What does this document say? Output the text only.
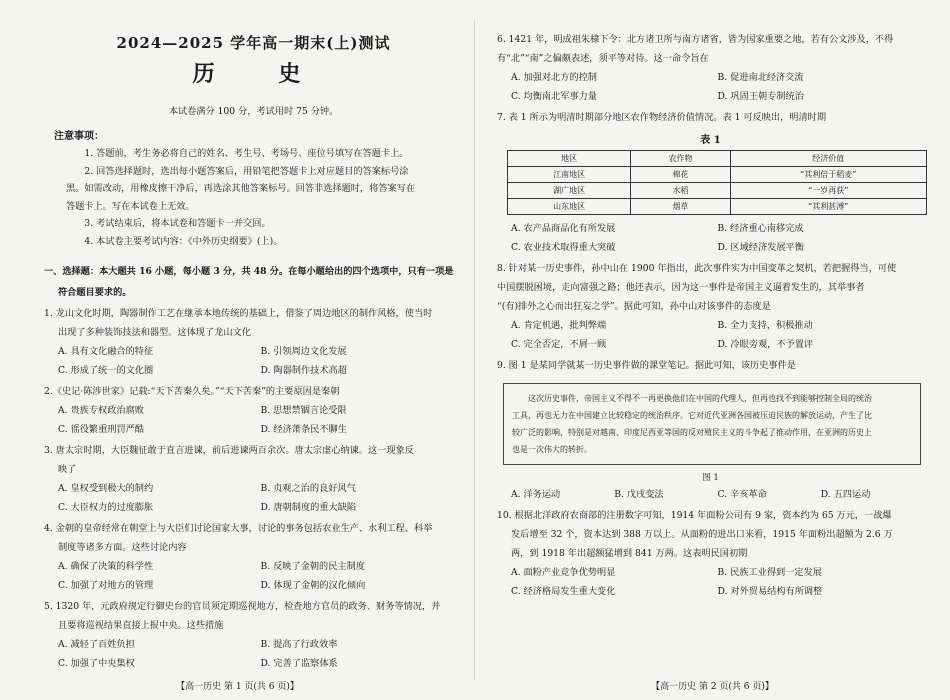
2024—2025 学年高一期末(上)测试
历 史

本试卷满分 100 分，考试用时 75 分钟。

注意事项：

1. 答题前，考生务必将自己的姓名、考生号、考场号、座位号填写在答题卡上。

2. 回答选择题时，选出每小题答案后，用铅笔把答题卡上对应题目的答案标号涂

黑。如需改动，用橡皮擦干净后，再选涂其他答案标号。回答非选择题时，将答案写在

答题卡上。写在本试卷上无效。

3. 考试结束后，将本试卷和答题卡一并交回。

4. 本试卷主要考试内容：《中外历史纲要》(上)。

一、选择题：本大题共 16 小题，每小题 3 分，共 48 分。在每小题给出的四个选项中，只有一项是

符合题目要求的。

1. 龙山文化时期，陶器制作工艺在继承本地传统的基础上，借鉴了周边地区的制作风格，使当时

出现了多种装饰技法和器型。这体现了龙山文化

A. 具有文化融合的特征	B. 引领周边文化发展
C. 形成了统一的文化圈	D. 陶器制作技术高超

2.《史记·陈涉世家》记载:“天下苦秦久矣。”“天下苦秦”的主要原因是秦朝

A. 贵族专权政治腐败	B. 思想禁锢言论受限
C. 徭役繁重刑罚严酷	D. 经济萧条民不聊生

3. 唐太宗时期，大臣魏征敢于直言进谏，前后进谏两百余次。唐太宗虚心纳谏。这一现象反

映了

A. 皇权受到极大的制约	B. 贞观之治的良好风气
C. 大臣权力的过度膨胀	D. 唐朝制度的重大缺陷

4. 金朝的皇帝经常在朝堂上与大臣们讨论国家大事，讨论的事务包括农业生产、水利工程、科举

制度等诸多方面。这些讨论内容

A. 确保了决策的科学性	B. 反映了金朝的民主制度
C. 加强了对地方的管理	D. 体现了金朝的汉化倾向

5. 1320 年，元政府规定行御史台的官员须定期巡视地方，检查地方官员的政务、财务等情况，并

且要将巡视结果直接上报中央。这些措施

A. 减轻了百姓负担	B. 提高了行政效率
C. 加强了中央集权	D. 完善了监察体系
【高一历史 第 1 页(共 6 页)】

6. 1421 年，明成祖朱棣下令：北方诸卫所与南方诸省，皆为国家重要之地，若有公文涉及，不得

有“北”“南”之偏颇表述，须平等对待。这一命令旨在

A. 加强对北方的控制	B. 促进南北经济交流
C. 均衡南北军事力量	D. 巩固王朝专制统治

7. 表 1 所示为明清时期部分地区农作物经济价值情况。表 1 可反映出，明清时期

表 1
地区	农作物	经济价值
江南地区	棉花	“其利倍于稻麦”
湖广地区	水稻	“一岁再获”
山东地区	烟草	“其利甚溥”
A. 农产品商品化有所发展	B. 经济重心南移完成
C. 农业技术取得重大突破	D. 区域经济发展平衡

8. 针对某一历史事件，孙中山在 1900 年指出，此次事件实为中国变革之契机，若把握得当，可使

中国摆脱困境，走向富强之路；他还表示，因为这一事件是帝国主义逼着发生的，其举事者

“(有)排外之心而出狂妄之学”。据此可知，孙中山对该事件的态度是

A. 肯定机遇，批判弊端	B. 全力支持，积极推动
C. 完全否定，不屑一顾	D. 冷眼旁观，不予置评

9. 图 1 是某同学就某一历史事件做的课堂笔记。据此可知，该历史事件是

这次历史事件，帝国主义不得不一再更换他们在中国的代理人，但再也找不到能够控制全局的统治
工具，再也无力在中国建立比较稳定的统治秩序。它对近代亚洲各国被压迫民族的解放运动，产生了比
较广泛的影响，特别是对越南、印度尼西亚等国的反对殖民主义的斗争起了推动作用，在亚洲的历史上
也是一次伟大的转折。
图 1
A. 洋务运动	B. 戊戌变法	C. 辛亥革命	D. 五四运动

10. 根据北洋政府农商部的注册数字可知，1914 年面粉公司有 9 家，资本约为 65 万元，一战爆

发后增至 32 个，资本达到 388 万以上。从面粉的进出口来看，1915 年面粉出超额为 2.6 万

两，到 1918 年出超额猛增到 841 万两。这表明民国初期

A. 面粉产业竞争优势明显	B. 民族工业得到一定发展
C. 经济格局发生重大变化	D. 对外贸易结构有所调整
【高一历史 第 2 页(共 6 页)】
